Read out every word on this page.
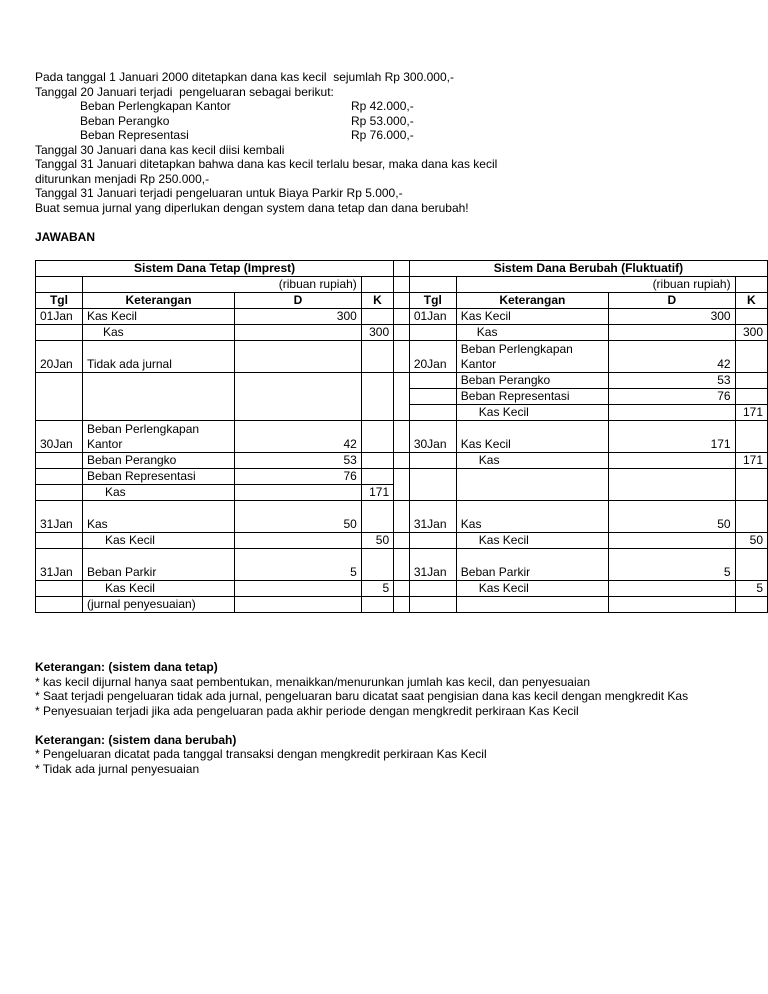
Pada tanggal 1 Januari 2000 ditetapkan dana kas kecil  sejumlah Rp 300.000,-
Tanggal 20 Januari terjadi  pengeluaran sebagai berikut:
Beban Perlengkapan Kantor	Rp 42.000,-
Beban Perangko	Rp 53.000,-
Beban Representasi	Rp 76.000,-
Tanggal 30 Januari dana kas kecil diisi kembali
Tanggal 31 Januari ditetapkan bahwa dana kas kecil terlalu besar, maka dana kas kecil
diturunkan menjadi Rp 250.000,-
Tanggal 31 Januari terjadi pengeluaran untuk Biaya Parkir Rp 5.000,-
Buat semua jurnal yang diperlukan dengan system dana tetap dan dana berubah!
JAWABAN
Sistem Dana Tetap (Imprest)					Sistem Dana Berubah (Fluktuatif)			
	(ribuan rupiah)					(ribuan rupiah)		
Tgl	Keterangan	D	K		Tgl	Keterangan	D	K
01Jan	Kas Kecil	300			01Jan	Kas Kecil	300	
	Kas		300			Kas		300
20Jan	Tidak ada jurnal				20Jan	Beban Perlengkapan Kantor	42	
						Beban Perangko	53	
						Beban Representasi	76	
						Kas Kecil		171
30Jan	Beban Perlengkapan Kantor	42			30Jan	Kas Kecil	171	
	Beban Perangko	53				Kas		171
	Beban Representasi	76						
	Kas		171					
31Jan	Kas	50			31Jan	Kas	50	
	Kas Kecil		50			Kas Kecil		50
31Jan	Beban Parkir	5			31Jan	Beban Parkir	5	
	Kas Kecil		5			Kas Kecil		5
	(jurnal penyesuaian)							
Keterangan: (sistem dana tetap)
* kas kecil dijurnal hanya saat pembentukan, menaikkan/menurunkan jumlah kas kecil, dan penyesuaian
* Saat terjadi pengeluaran tidak ada jurnal, pengeluaran baru dicatat saat pengisian dana kas kecil dengan mengkredit Kas
* Penyesuaian terjadi jika ada pengeluaran pada akhir periode dengan mengkredit perkiraan Kas Kecil
Keterangan: (sistem dana berubah)
* Pengeluaran dicatat pada tanggal transaksi dengan mengkredit perkiraan Kas Kecil
* Tidak ada jurnal penyesuaian
